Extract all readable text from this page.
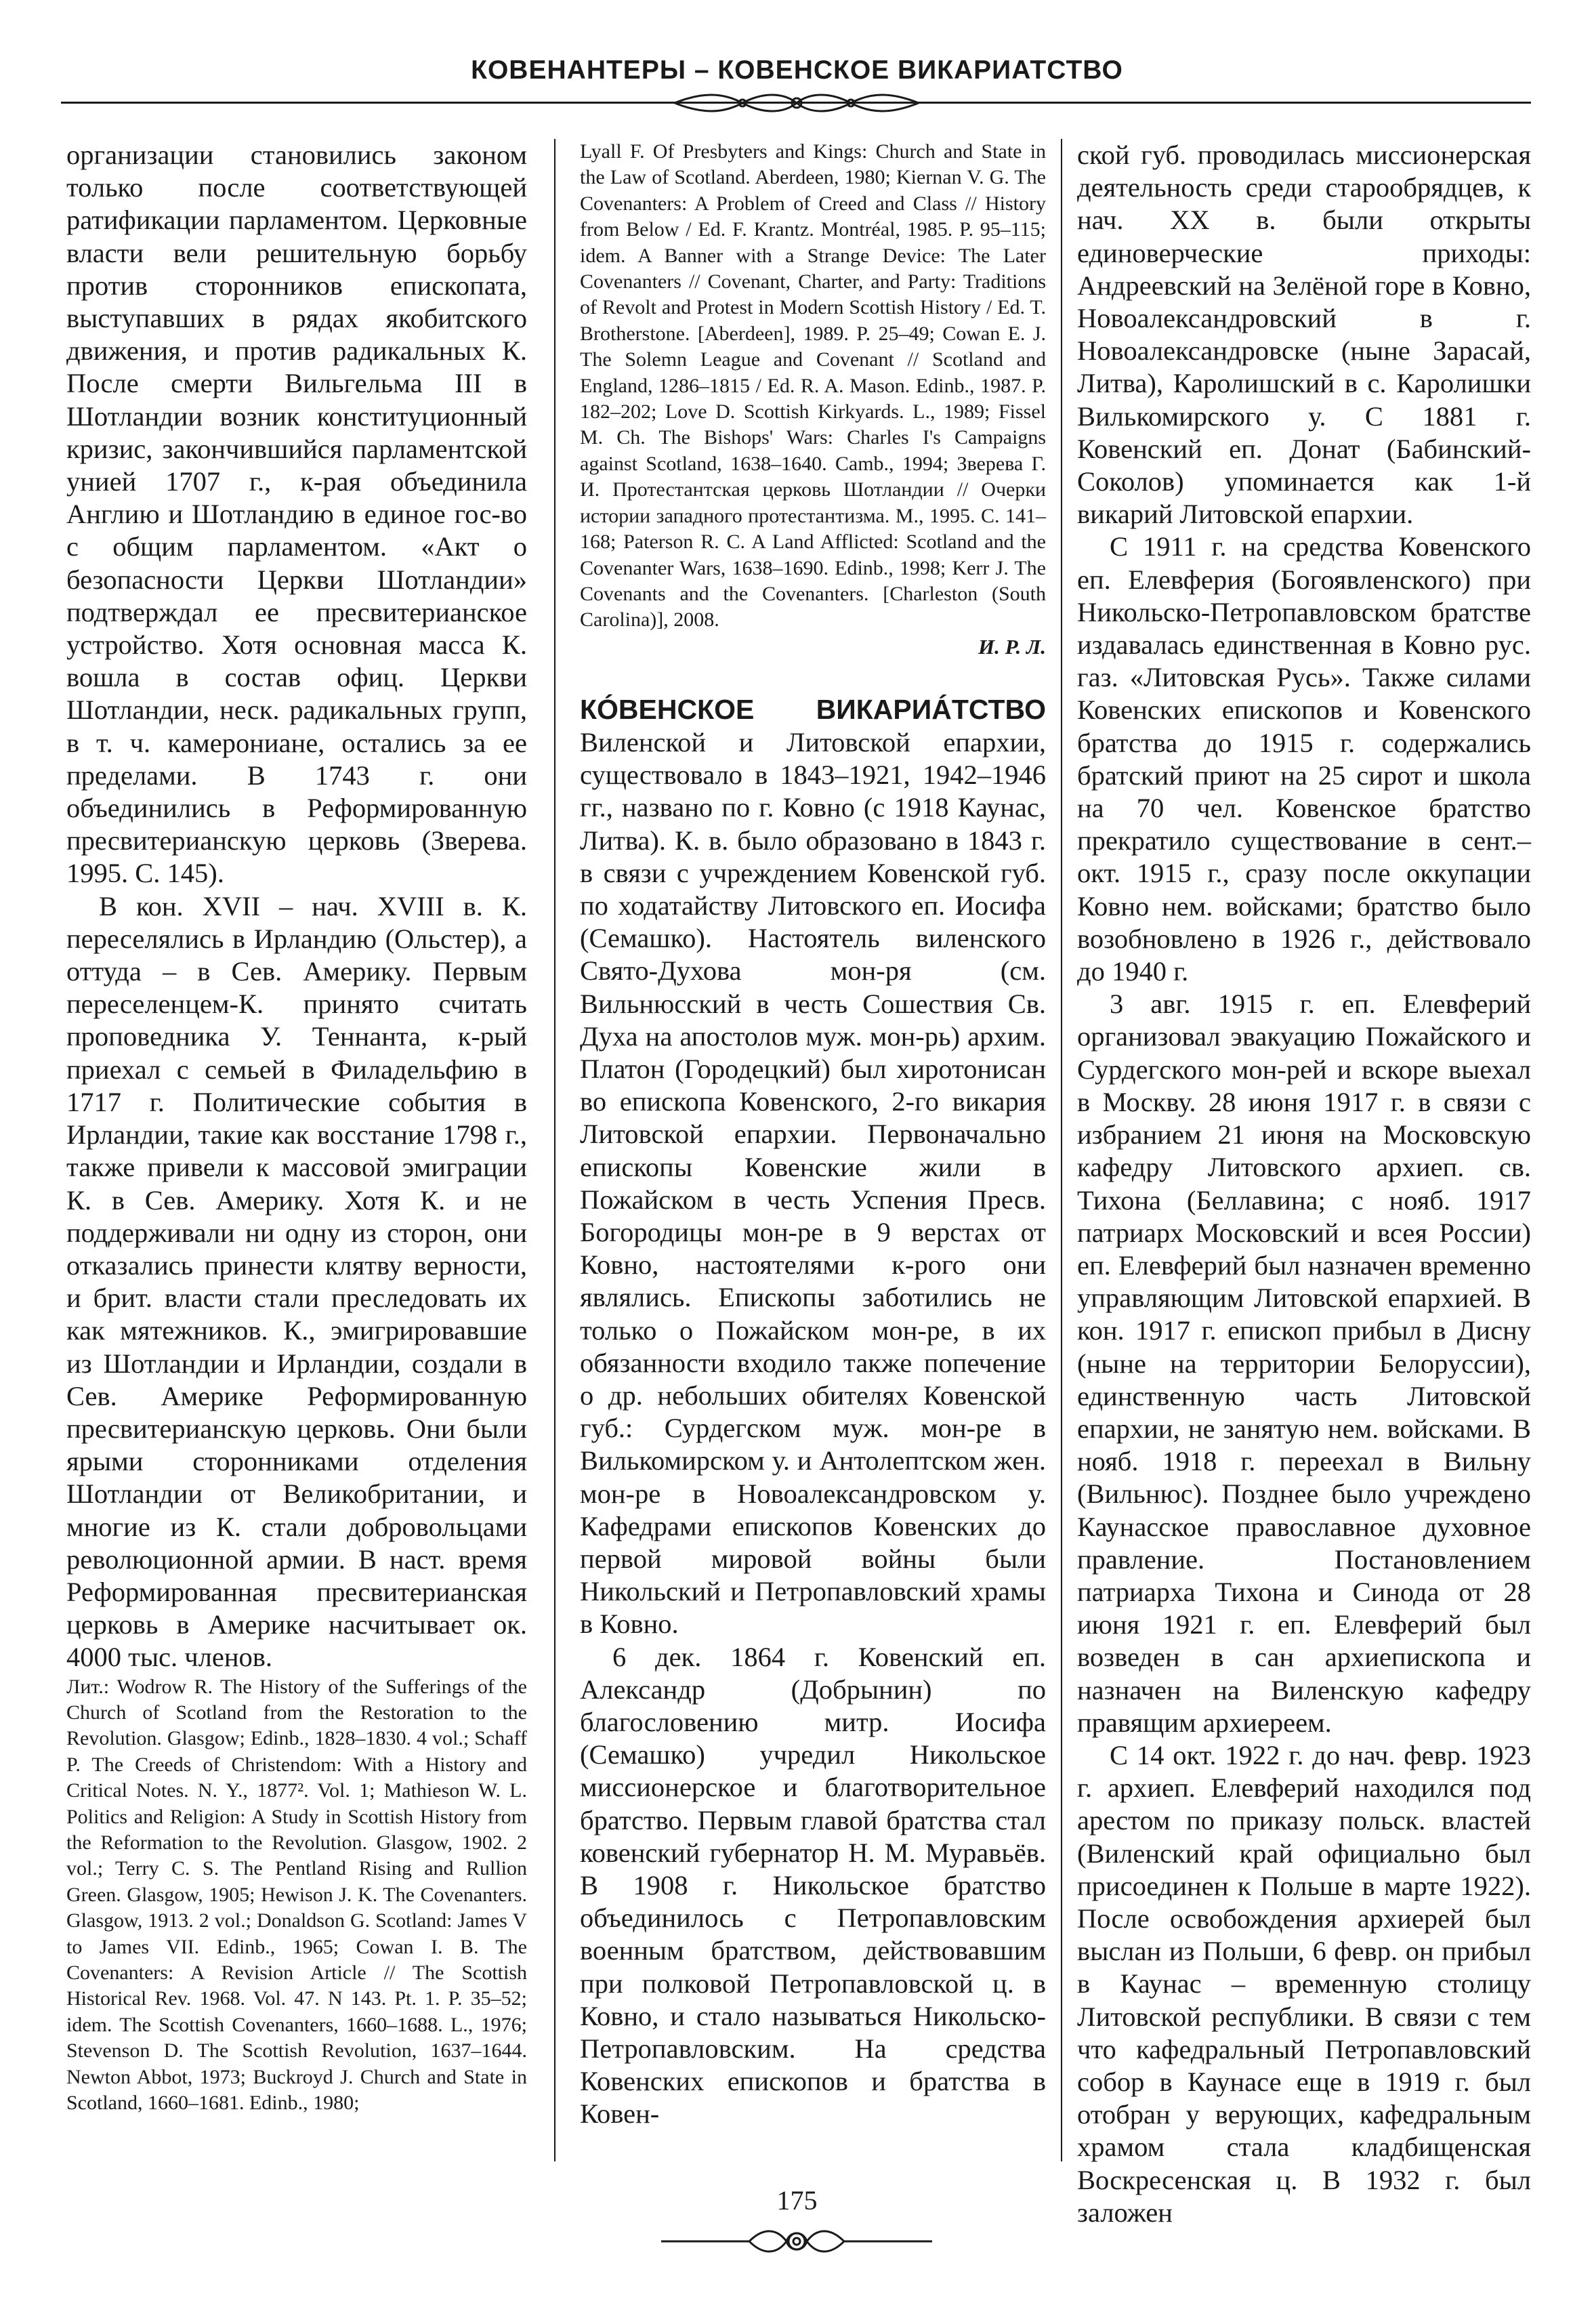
КОВЕНАНТЕРЫ – КОВЕНСКОЕ ВИКАРИАТСТВО

организации становились законом только после соответствующей ратификации парламентом. Церковные власти вели решительную борьбу против сторонников епископата, выступавших в рядах якобитского движения, и против радикальных К. После смерти Вильгельма III в Шотландии возник конституционный кризис, закончившийся парламентской унией 1707 г., к-рая объединила Англию и Шотландию в единое гос-во с общим парламентом. «Акт о безопасности Церкви Шотландии» подтверждал ее пресвитерианское устройство. Хотя основная масса К. вошла в состав офиц. Церкви Шотландии, неск. радикальных групп, в т. ч. камерониане, остались за ее пределами. В 1743 г. они объединились в Реформированную пресвитерианскую церковь (Зверева. 1995. С. 145).

В кон. XVII – нач. XVIII в. К. переселялись в Ирландию (Ольстер), а оттуда – в Сев. Америку. Первым переселенцем-К. принято считать проповедника У. Теннанта, к-рый приехал с семьей в Филадельфию в 1717 г. Политические события в Ирландии, такие как восстание 1798 г., также привели к массовой эмиграции К. в Сев. Америку. Хотя К. и не поддерживали ни одну из сторон, они отказались принести клятву верности, и брит. власти стали преследовать их как мятежников. К., эмигрировавшие из Шотландии и Ирландии, создали в Сев. Америке Реформированную пресвитерианскую церковь. Они были ярыми сторонниками отделения Шотландии от Великобритании, и многие из К. стали добровольцами революционной армии. В наст. время Реформированная пресвитерианская церковь в Америке насчитывает ок. 4000 тыс. членов.

Лит.: Wodrow R. The History of the Sufferings of the Church of Scotland from the Restoration to the Revolution. Glasgow; Edinb., 1828–1830. 4 vol.; Schaff P. The Creeds of Christendom: With a History and Critical Notes. N. Y., 1877². Vol. 1; Mathieson W. L. Politics and Religion: A Study in Scottish History from the Reformation to the Revolution. Glasgow, 1902. 2 vol.; Terry C. S. The Pentland Rising and Rullion Green. Glasgow, 1905; Hewison J. K. The Covenanters. Glasgow, 1913. 2 vol.; Donaldson G. Scotland: James V to James VII. Edinb., 1965; Cowan I. B. The Covenanters: A Revision Article // The Scottish Historical Rev. 1968. Vol. 47. N 143. Pt. 1. P. 35–52; idem. The Scottish Covenanters, 1660–1688. L., 1976; Stevenson D. The Scottish Revolution, 1637–1644. Newton Abbot, 1973; Buckroyd J. Church and State in Scotland, 1660–1681. Edinb., 1980;

Lyall F. Of Presbyters and Kings: Church and State in the Law of Scotland. Aberdeen, 1980; Kiernan V. G. The Covenanters: A Problem of Creed and Class // History from Below / Ed. F. Krantz. Montréal, 1985. P. 95–115; idem. A Banner with a Strange Device: The Later Covenanters // Covenant, Charter, and Party: Traditions of Revolt and Protest in Modern Scottish History / Ed. T. Brotherstone. [Aberdeen], 1989. P. 25–49; Cowan E. J. The Solemn League and Covenant // Scotland and England, 1286–1815 / Ed. R. A. Mason. Edinb., 1987. P. 182–202; Love D. Scottish Kirkyards. L., 1989; Fissel M. Ch. The Bishops' Wars: Charles I's Campaigns against Scotland, 1638–1640. Camb., 1994; Зверева Г. И. Протестантская церковь Шотландии // Очерки истории западного протестантизма. М., 1995. С. 141–168; Paterson R. C. A Land Afflicted: Scotland and the Covenanter Wars, 1638–1690. Edinb., 1998; Kerr J. The Covenants and the Covenanters. [Charleston (South Carolina)], 2008.

И. Р. Л.

КÓВЕНСКОЕ ВИКАРИÁТСТВО Виленской и Литовской епархии, существовало в 1843–1921, 1942–1946 гг., названо по г. Ковно (с 1918 Каунас, Литва). К. в. было образовано в 1843 г. в связи с учреждением Ковенской губ. по ходатайству Литовского еп. Иосифа (Семашко). Настоятель виленского Свято-Духова мон-ря (см. Вильнюсский в честь Сошествия Св. Духа на апостолов муж. мон-рь) архим. Платон (Городецкий) был хиротонисан во епископа Ковенского, 2-го викария Литовской епархии. Первоначально епископы Ковенские жили в Пожайском в честь Успения Пресв. Богородицы мон-ре в 9 верстах от Ковно, настоятелями к-рого они являлись. Епископы заботились не только о Пожайском мон-ре, в их обязанности входило также попечение о др. небольших обителях Ковенской губ.: Сурдегском муж. мон-ре в Вилькомирском у. и Антолептском жен. мон-ре в Новоалександровском у. Кафедрами епископов Ковенских до первой мировой войны были Никольский и Петропавловский храмы в Ковно.

6 дек. 1864 г. Ковенский еп. Александр (Добрынин) по благословению митр. Иосифа (Семашко) учредил Никольское миссионерское и благотворительное братство. Первым главой братства стал ковенский губернатор Н. М. Муравьёв. В 1908 г. Никольское братство объединилось с Петропавловским военным братством, действовавшим при полковой Петропавловской ц. в Ковно, и стало называться Никольско-Петропавловским. На средства Ковенских епископов и братства в Ковен-

ской губ. проводилась миссионерская деятельность среди старообрядцев, к нач. XX в. были открыты единоверческие приходы: Андреевский на Зелёной горе в Ковно, Новоалександровский в г. Новоалександровске (ныне Зарасай, Литва), Каролишский в с. Каролишки Вилькомирского у. С 1881 г. Ковенский еп. Донат (Бабинский-Соколов) упоминается как 1-й викарий Литовской епархии.

С 1911 г. на средства Ковенского еп. Елевферия (Богоявленского) при Никольско-Петропавловском братстве издавалась единственная в Ковно рус. газ. «Литовская Русь». Также силами Ковенских епископов и Ковенского братства до 1915 г. содержались братский приют на 25 сирот и школа на 70 чел. Ковенское братство прекратило существование в сент.–окт. 1915 г., сразу после оккупации Ковно нем. войсками; братство было возобновлено в 1926 г., действовало до 1940 г.

3 авг. 1915 г. еп. Елевферий организовал эвакуацию Пожайского и Сурдегского мон-рей и вскоре выехал в Москву. 28 июня 1917 г. в связи с избранием 21 июня на Московскую кафедру Литовского архиеп. св. Тихона (Беллавина; с нояб. 1917 патриарх Московский и всея России) еп. Елевферий был назначен временно управляющим Литовской епархией. В кон. 1917 г. епископ прибыл в Дисну (ныне на территории Белоруссии), единственную часть Литовской епархии, не занятую нем. войсками. В нояб. 1918 г. переехал в Вильну (Вильнюс). Позднее было учреждено Каунасское православное духовное правление. Постановлением патриарха Тихона и Синода от 28 июня 1921 г. еп. Елевферий был возведен в сан архиепископа и назначен на Виленскую кафедру правящим архиереем.

С 14 окт. 1922 г. до нач. февр. 1923 г. архиеп. Елевферий находился под арестом по приказу польск. властей (Виленский край официально был присоединен к Польше в марте 1922). После освобождения архиерей был выслан из Польши, 6 февр. он прибыл в Каунас – временную столицу Литовской республики. В связи с тем что кафедральный Петропавловский собор в Каунасе еще в 1919 г. был отобран у верующих, кафедральным храмом стала кладбищенская Воскресенская ц. В 1932 г. был заложен

175
